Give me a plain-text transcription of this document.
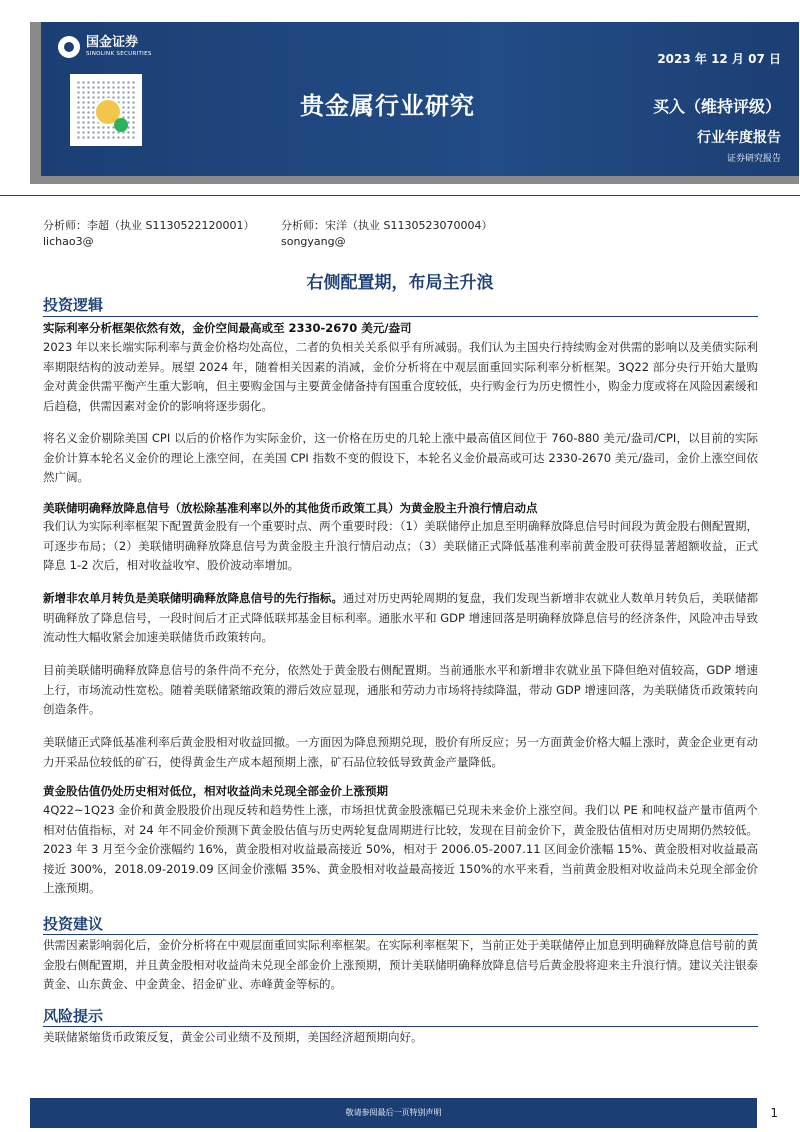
国金证券
SINOLINK SECURITIES	2023 年 12 月 07 日
贵金属行业研究	买入（维持评级）
行业年度报告
证券研究报告
分析师：李超（执业 S1130522120001）
lichao3@
分析师：宋洋（执业 S1130523070004）
songyang@
右侧配置期，布局主升浪
投资逻辑

实际利率分析框架依然有效，金价空间最高或至 2330-2670 美元/盎司

2023 年以来长端实际利率与黄金价格均处高位，二者的负相关关系似乎有所减弱。我们认为主国央行持续购金对供需的影响以及美债实际利率期限结构的波动差异。展望 2024 年，随着相关因素的消减，金价分析将在中观层面重回实际利率分析框架。3Q22 部分央行开始大量购金对黄金供需平衡产生重大影响，但主要购金国与主要黄金储备持有国重合度较低，央行购金行为历史惯性小，购金力度或将在风险因素缓和后趋稳，供需因素对金价的影响将逐步弱化。

将名义金价剔除美国 CPI 以后的价格作为实际金价，这一价格在历史的几轮上涨中最高值区间位于 760-880 美元/盎司/CPI，以目前的实际金价计算本轮名义金价的理论上涨空间，在美国 CPI 指数不变的假设下，本轮名义金价最高或可达 2330-2670 美元/盎司，金价上涨空间依然广阔。

美联储明确释放降息信号（放松除基准利率以外的其他货币政策工具）为黄金股主升浪行情启动点

我们认为实际利率框架下配置黄金股有一个重要时点、两个重要时段：（1）美联储停止加息至明确释放降息信号时间段为黄金股右侧配置期，可逐步布局；（2）美联储明确释放降息信号为黄金股主升浪行情启动点；（3）美联储正式降低基准利率前黄金股可获得显著超额收益，正式降息 1-2 次后，相对收益收窄、股价波动率增加。

新增非农单月转负是美联储明确释放降息信号的先行指标。通过对历史两轮周期的复盘，我们发现当新增非农就业人数单月转负后，美联储都明确释放了降息信号，一段时间后才正式降低联邦基金目标利率。通胀水平和 GDP 增速回落是明确释放降息信号的经济条件，风险冲击导致流动性大幅收紧会加速美联储货币政策转向。

目前美联储明确释放降息信号的条件尚不充分，依然处于黄金股右侧配置期。当前通胀水平和新增非农就业虽下降但绝对值较高，GDP 增速上行，市场流动性宽松。随着美联储紧缩政策的滞后效应显现，通胀和劳动力市场将持续降温，带动 GDP 增速回落，为美联储货币政策转向创造条件。

美联储正式降低基准利率后黄金股相对收益回撤。一方面因为降息预期兑现，股价有所反应；另一方面黄金价格大幅上涨时，黄金企业更有动力开采品位较低的矿石，使得黄金生产成本超预期上涨，矿石品位较低导致黄金产量降低。

黄金股估值仍处历史相对低位，相对收益尚未兑现全部金价上涨预期

4Q22~1Q23 金价和黄金股股价出现反转和趋势性上涨，市场担忧黄金股涨幅已兑现未来金价上涨空间。我们以 PE 和吨权益产量市值两个相对估值指标，对 24 年不同金价预测下黄金股估值与历史两轮复盘周期进行比较，发现在目前金价下，黄金股估值相对历史周期仍然较低。2023 年 3 月至今金价涨幅约 16%，黄金股相对收益最高接近 50%，相对于 2006.05-2007.11 区间金价涨幅 15%、黄金股相对收益最高接近 300%，2018.09-2019.09 区间金价涨幅 35%、黄金股相对收益最高接近 150%的水平来看，当前黄金股相对收益尚未兑现全部金价上涨预期。

投资建议

供需因素影响弱化后，金价分析将在中观层面重回实际利率框架。在实际利率框架下，当前正处于美联储停止加息到明确释放降息信号前的黄金股右侧配置期，并且黄金股相对收益尚未兑现全部金价上涨预期，预计美联储明确释放降息信号后黄金股将迎来主升浪行情。建议关注银泰黄金、山东黄金、中金黄金、招金矿业、赤峰黄金等标的。

风险提示

美联储紧缩货币政策反复，黄金公司业绩不及预期，美国经济超预期向好。

敬请参阅最后一页特别声明	1
